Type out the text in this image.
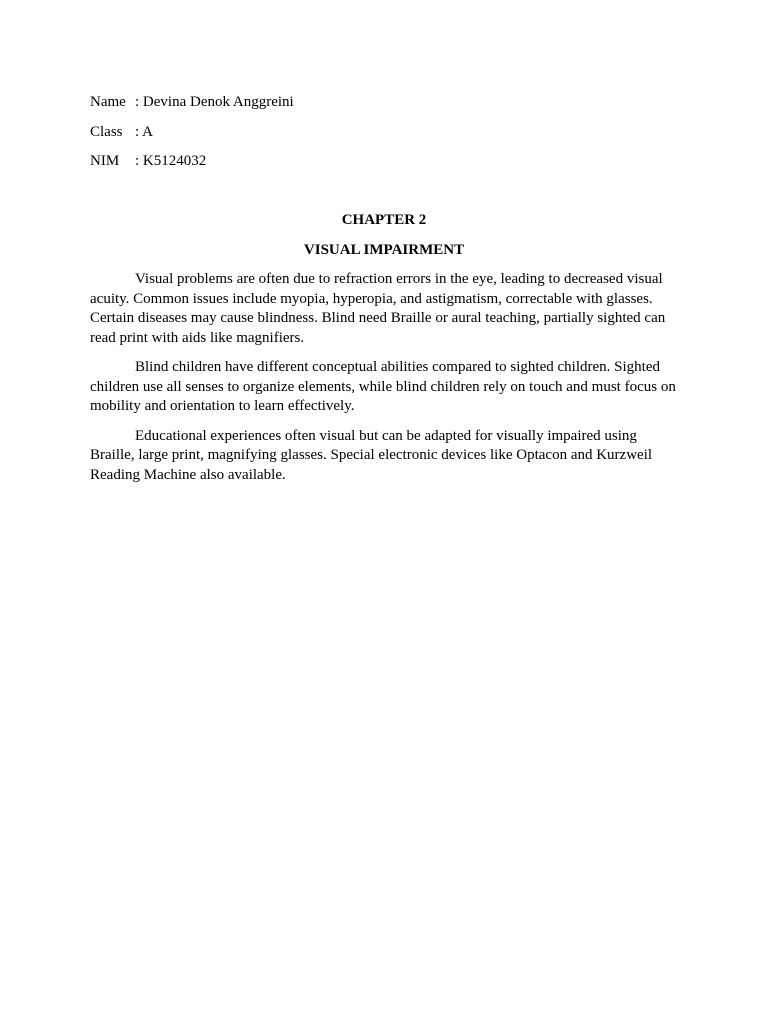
Name : Devina Denok Anggreini
Class : A
NIM	: K5124032
CHAPTER 2
VISUAL IMPAIRMENT

Visual problems are often due to refraction errors in the eye, leading to decreased visual acuity. Common issues include myopia, hyperopia, and astigmatism, correctable with glasses. Certain diseases may cause blindness. Blind need Braille or aural teaching, partially sighted can read print with aids like magnifiers.

Blind children have different conceptual abilities compared to sighted children. Sighted children use all senses to organize elements, while blind children rely on touch and must focus on mobility and orientation to learn effectively.

Educational experiences often visual but can be adapted for visually impaired using Braille, large print, magnifying glasses. Special electronic devices like Optacon and Kurzweil Reading Machine also available.
